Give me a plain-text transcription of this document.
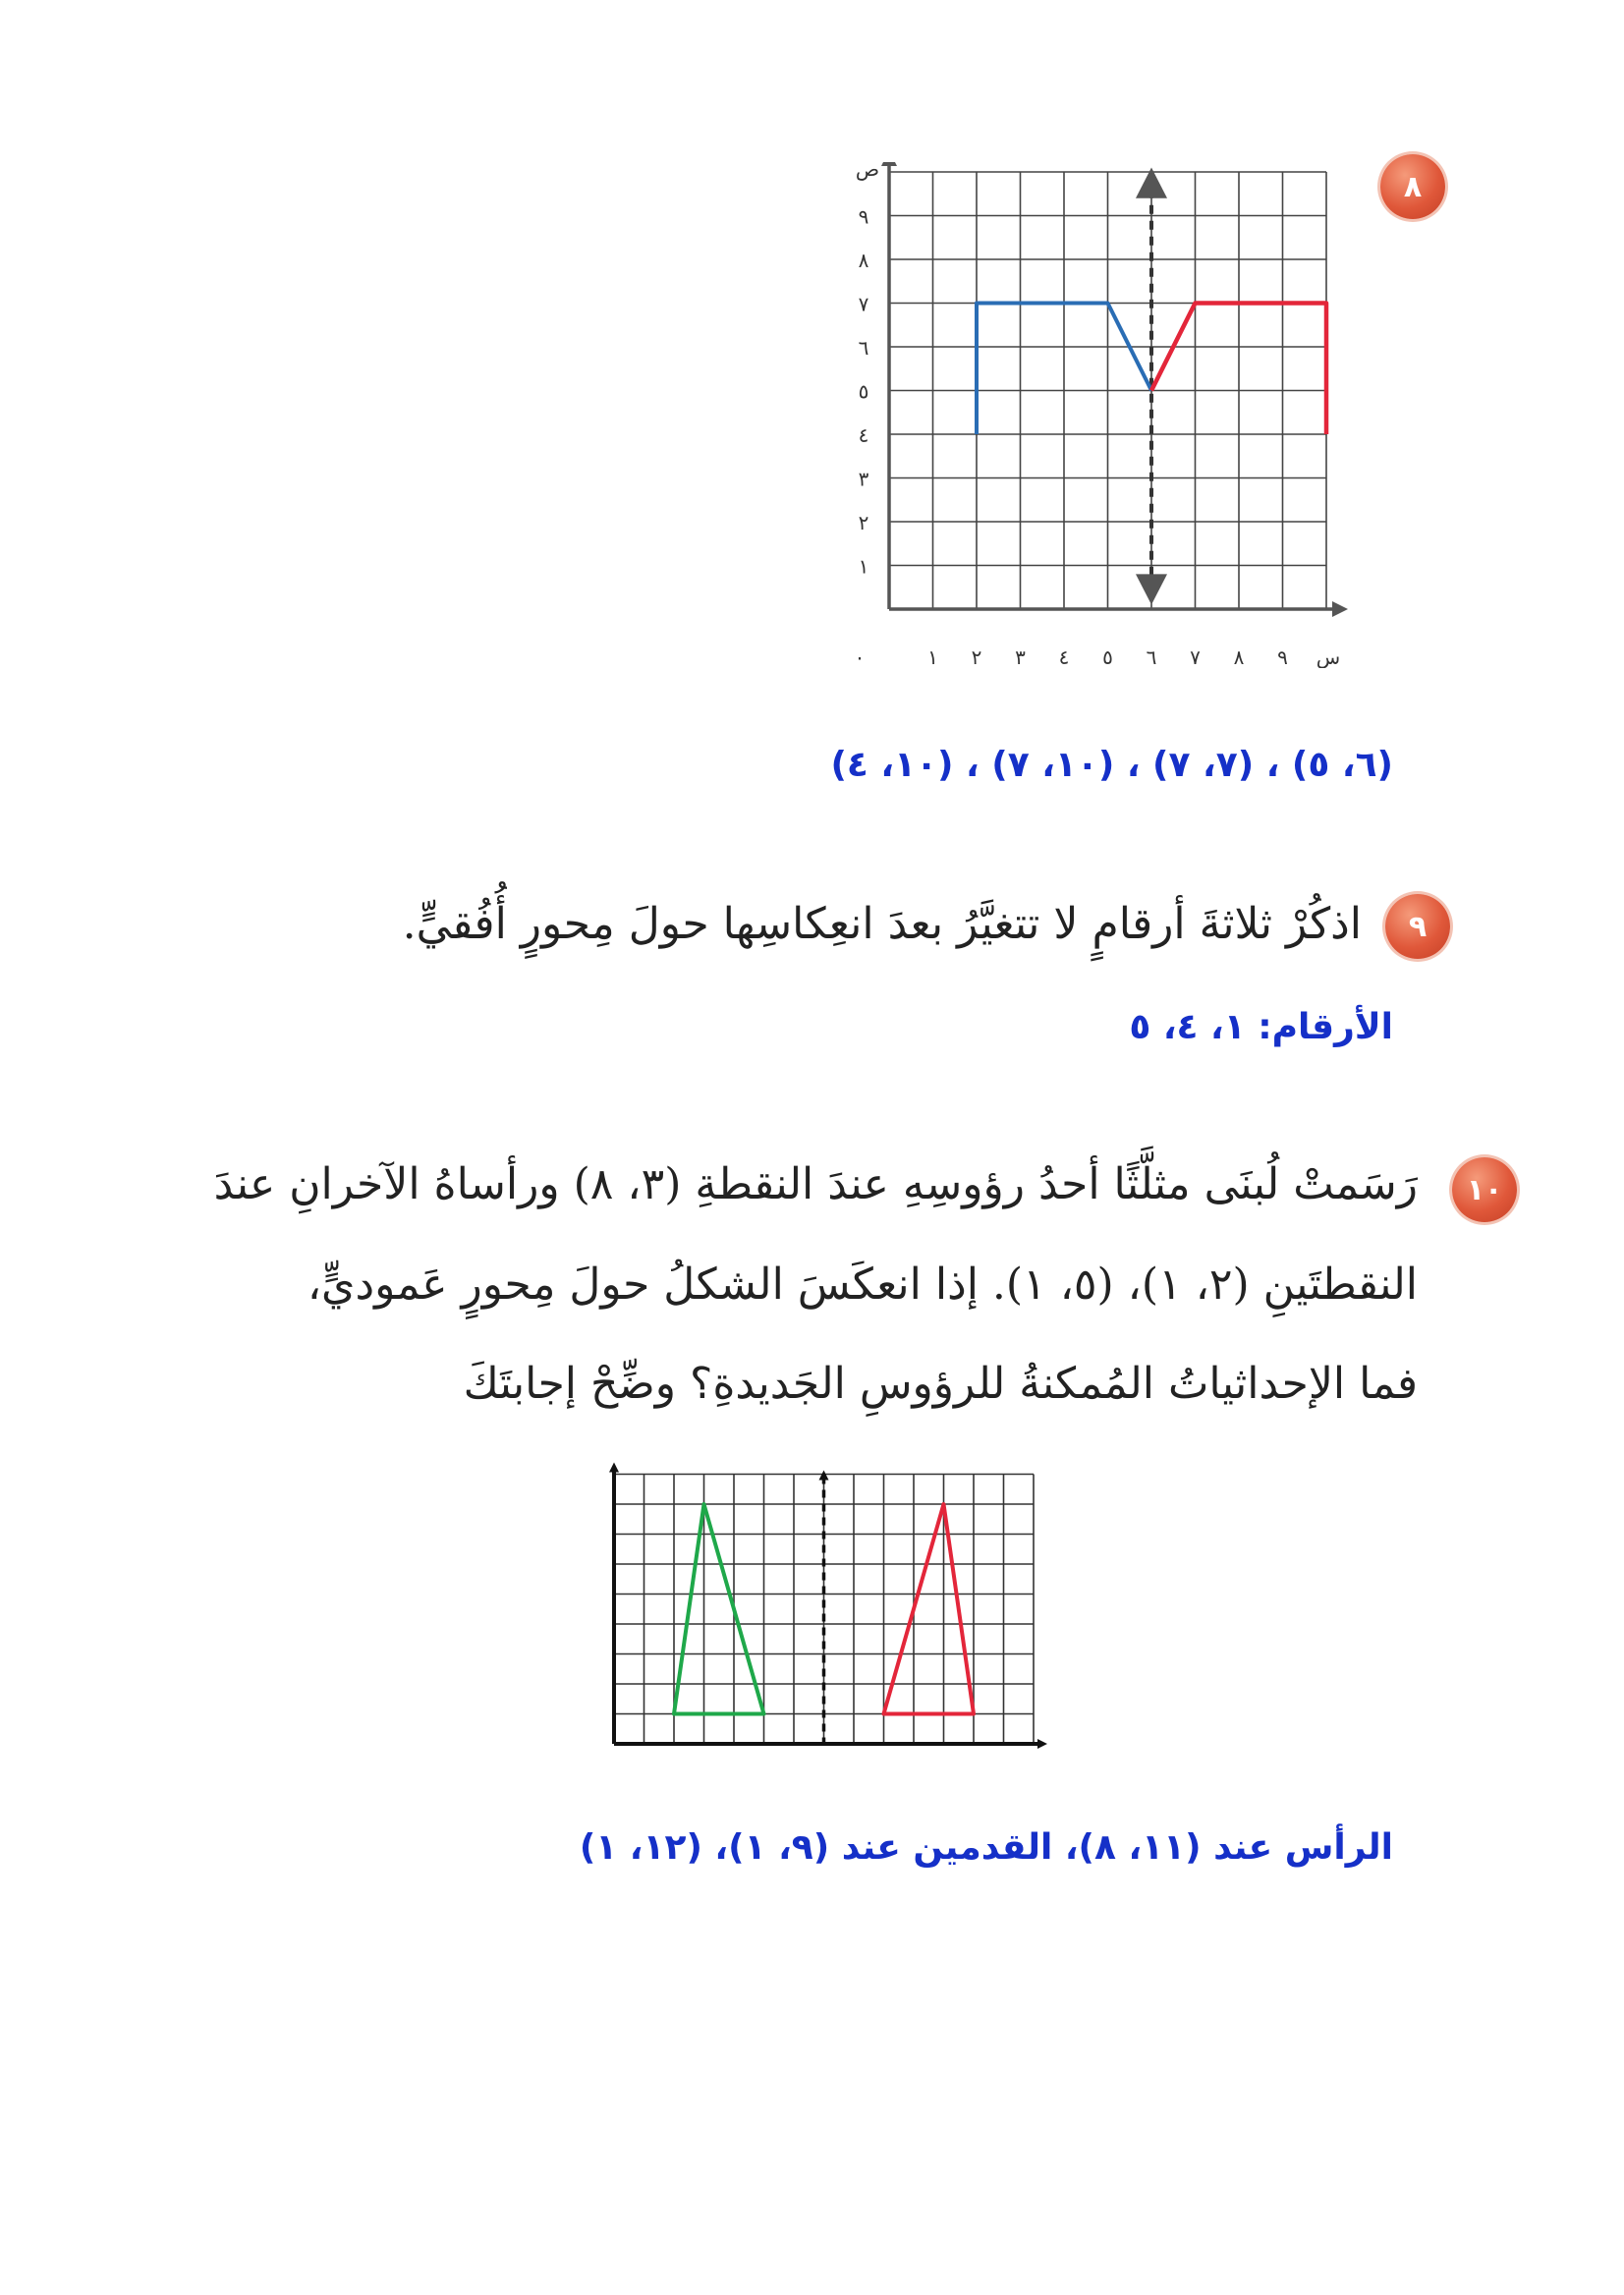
٨
١
٢
٣
٤
٥
٦
٧
٨
٩
٠	١ ٢ ٣ ٤ ٥ ٦ ٧ ٨ ٩
ص
س
(٦، ٥) ، (٧، ٧) ، (١٠، ٧) ، (١٠، ٤)
٩
اذكُرْ ثلاثةَ أرقامٍ لا تتغيَّرُ بعدَ انعِكاسِها حولَ مِحورٍ أُفُقيٍّ.
الأرقام: ١، ٤، ٥
١٠
رَسَمتْ لُبنَى مثلَّثًا أحدُ رؤوسِهِ عندَ النقطةِ (٣، ٨) ورأساهُ الآخرانِ عندَ
النقطتَينِ (٢، ١)، (٥، ١). إذا انعكَسَ الشكلُ حولَ مِحورٍ عَموديٍّ،
فما الإحداثياتُ المُمكنةُ للرؤوسِ الجَديدةِ؟ وضِّحْ إجابتَكَ
الرأس عند (١١، ٨)، القدمين عند (٩، ١)، (١٢، ١)
